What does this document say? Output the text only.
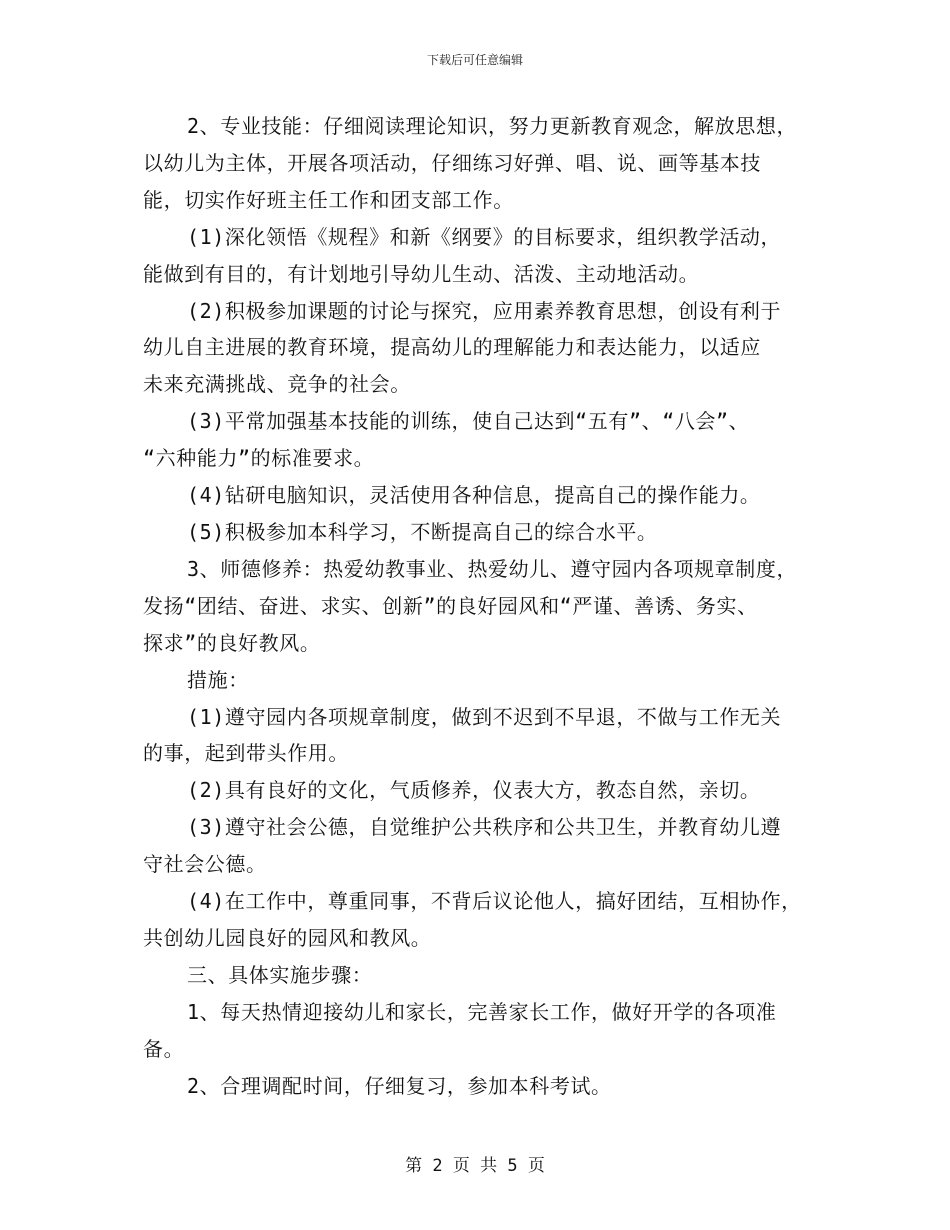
下载后可任意编辑
2、专业技能：仔细阅读理论知识，努力更新教育观念，解放思想，
以幼儿为主体，开展各项活动，仔细练习好弹、唱、说、画等基本技
能，切实作好班主任工作和团支部工作。
(1)深化领悟《规程》和新《纲要》的目标要求，组织教学活动，
能做到有目的，有计划地引导幼儿生动、活泼、主动地活动。
(2)积极参加课题的讨论与探究，应用素养教育思想，创设有利于
幼儿自主进展的教育环境，提高幼儿的理解能力和表达能力，以适应
未来充满挑战、竞争的社会。
(3)平常加强基本技能的训练，使自己达到“五有”、“八会”、
“六种能力”的标准要求。
(4)钻研电脑知识，灵活使用各种信息，提高自己的操作能力。
(5)积极参加本科学习，不断提高自己的综合水平。
3、师德修养：热爱幼教事业、热爱幼儿、遵守园内各项规章制度，
发扬“团结、奋进、求实、创新”的良好园风和“严谨、善诱、务实、
探求”的良好教风。
措施：
(1)遵守园内各项规章制度，做到不迟到不早退，不做与工作无关
的事，起到带头作用。
(2)具有良好的文化，气质修养，仪表大方，教态自然，亲切。
(3)遵守社会公德，自觉维护公共秩序和公共卫生，并教育幼儿遵
守社会公德。
(4)在工作中，尊重同事，不背后议论他人，搞好团结，互相协作，
共创幼儿园良好的园风和教风。
三、具体实施步骤：
1、每天热情迎接幼儿和家长，完善家长工作，做好开学的各项准
备。
2、合理调配时间，仔细复习，参加本科考试。
第 2 页 共 5 页
